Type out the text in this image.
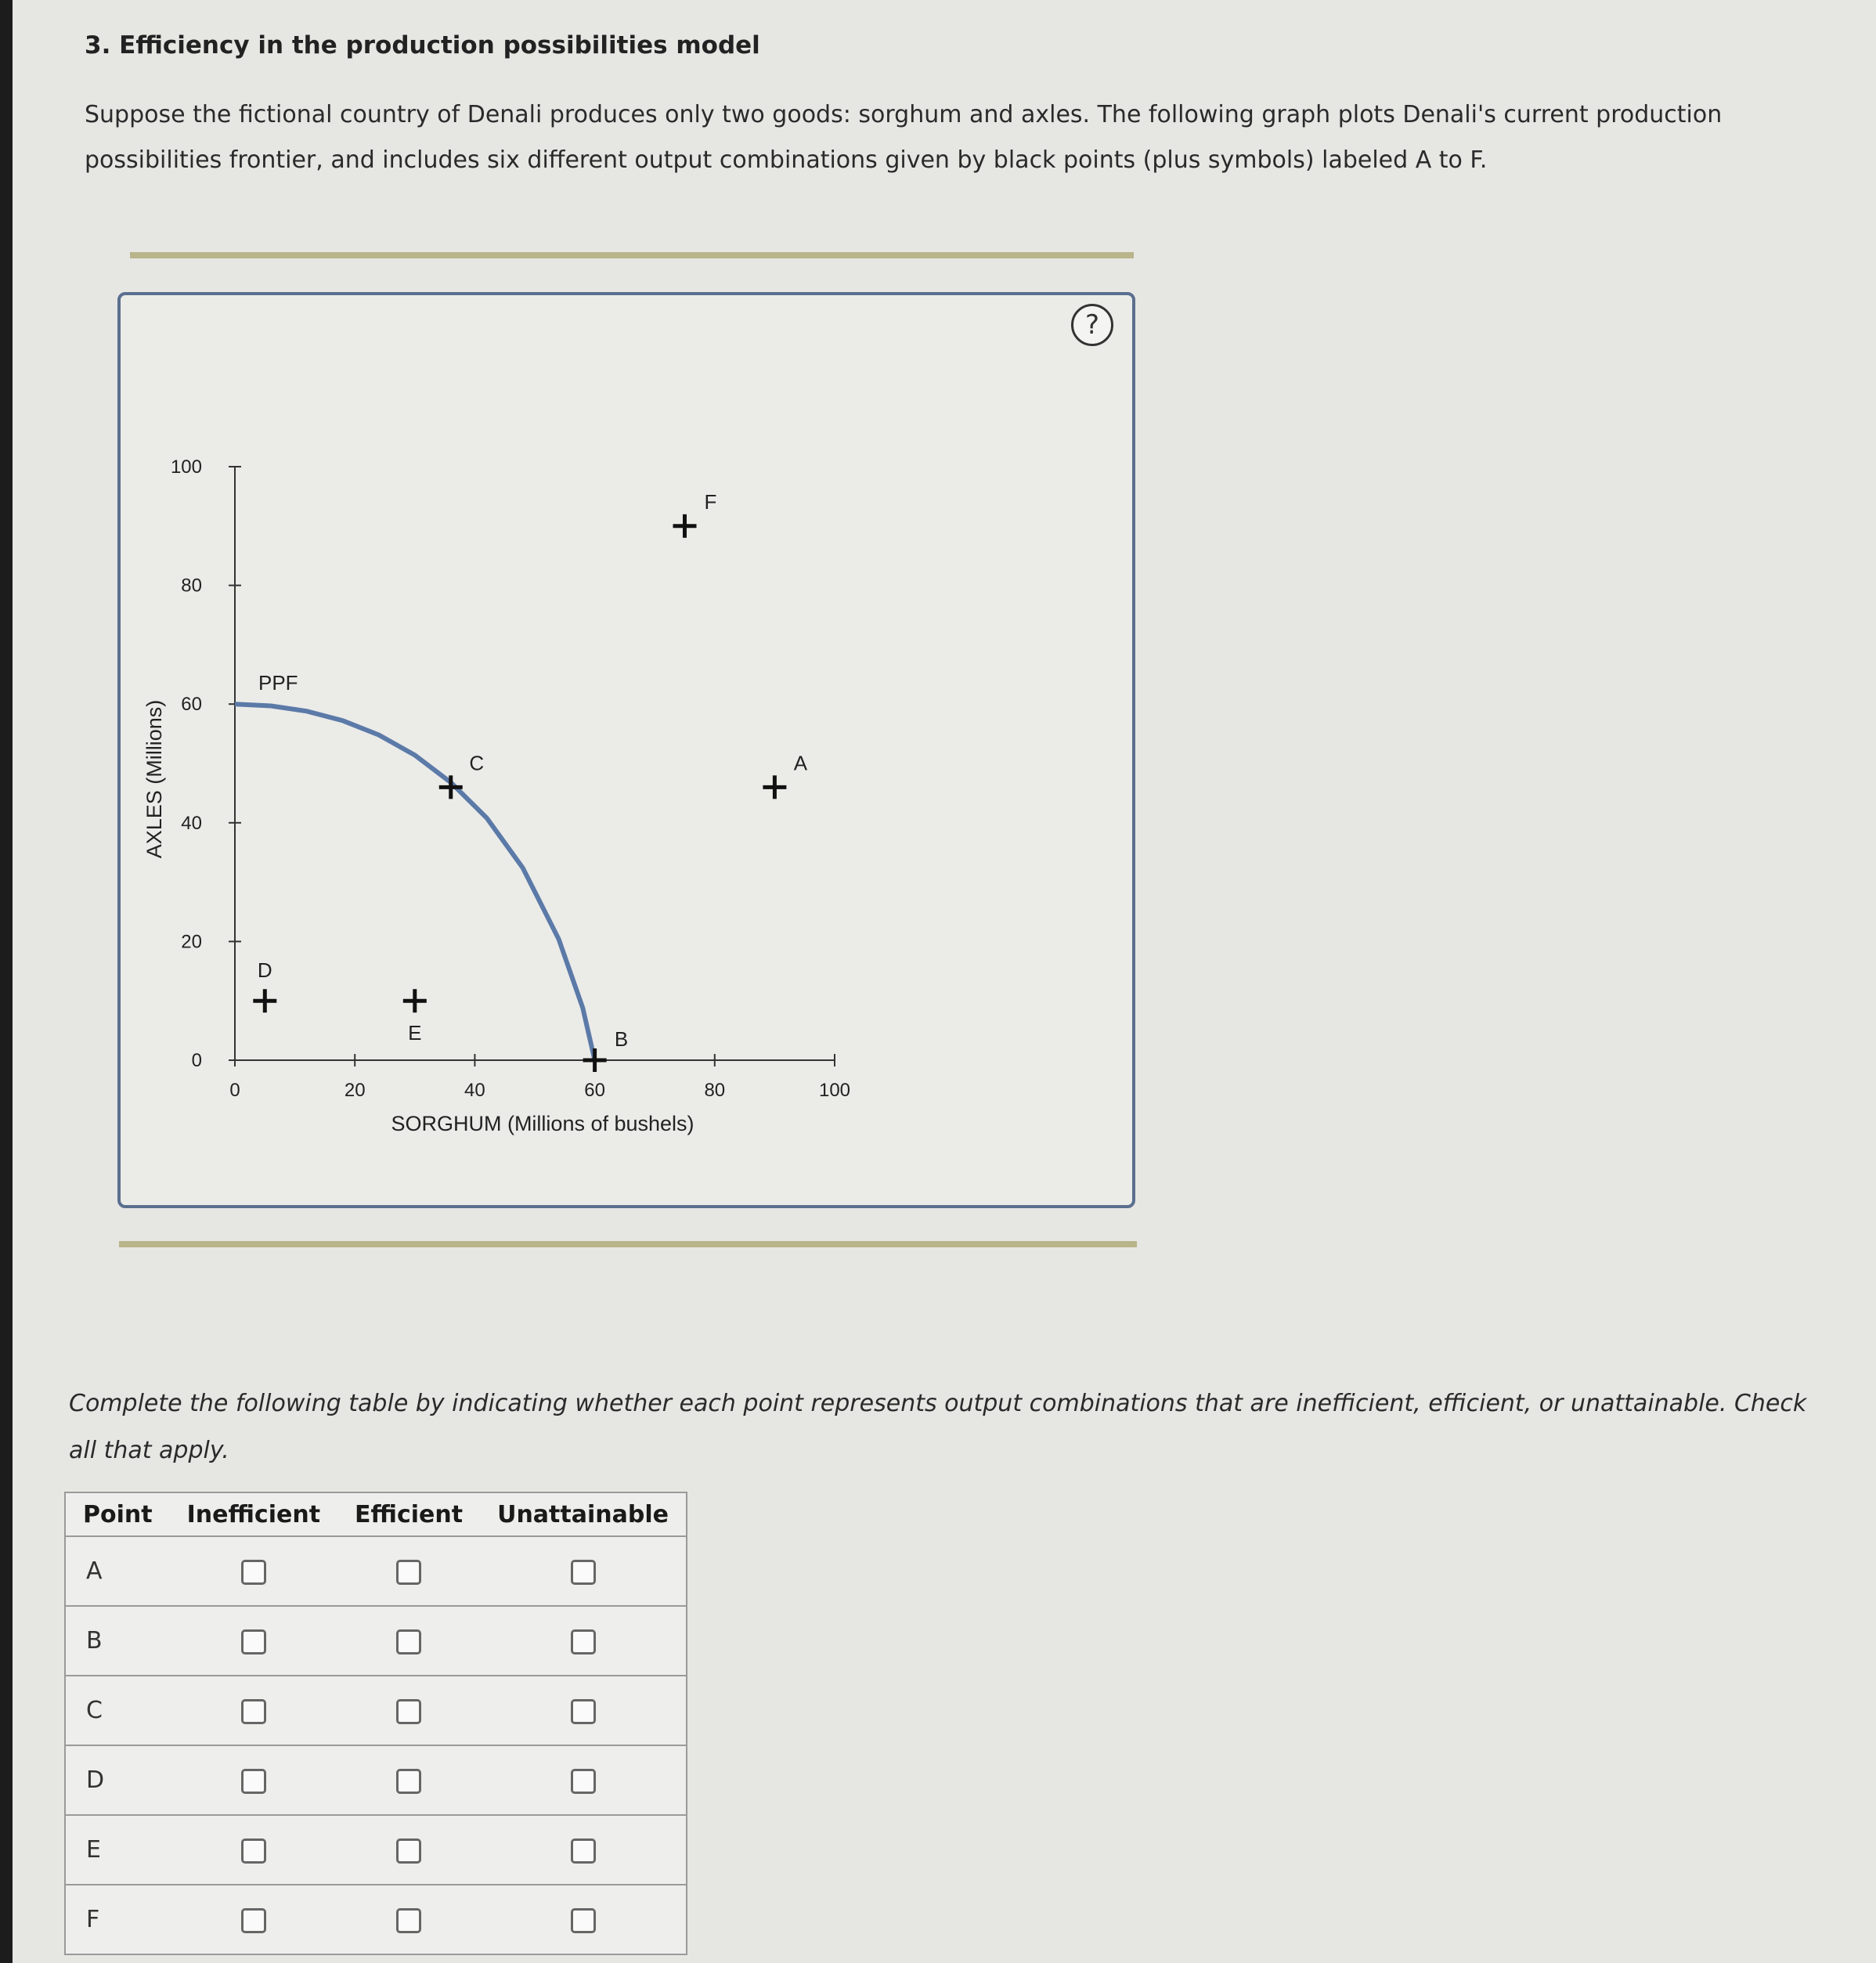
3. Efficiency in the production possibilities model
Suppose the fictional country of Denali produces only two goods: sorghum and axles. The following graph plots Denali's current production possibilities frontier, and includes six different output combinations given by black points (plus symbols) labeled A to F.
?
0	20	40	60	80	100
0
20
40
60
80
100
PPF
A
B
C
D
E
F
SORGHUM (Millions of bushels)
AXLES (Millions)
Complete the following table by indicating whether each point represents output combinations that are inefficient, efficient, or unattainable. Check all that apply.
Point	Inefficient	Efficient	Unattainable
A			
B			
C			
D			
E			
F			
